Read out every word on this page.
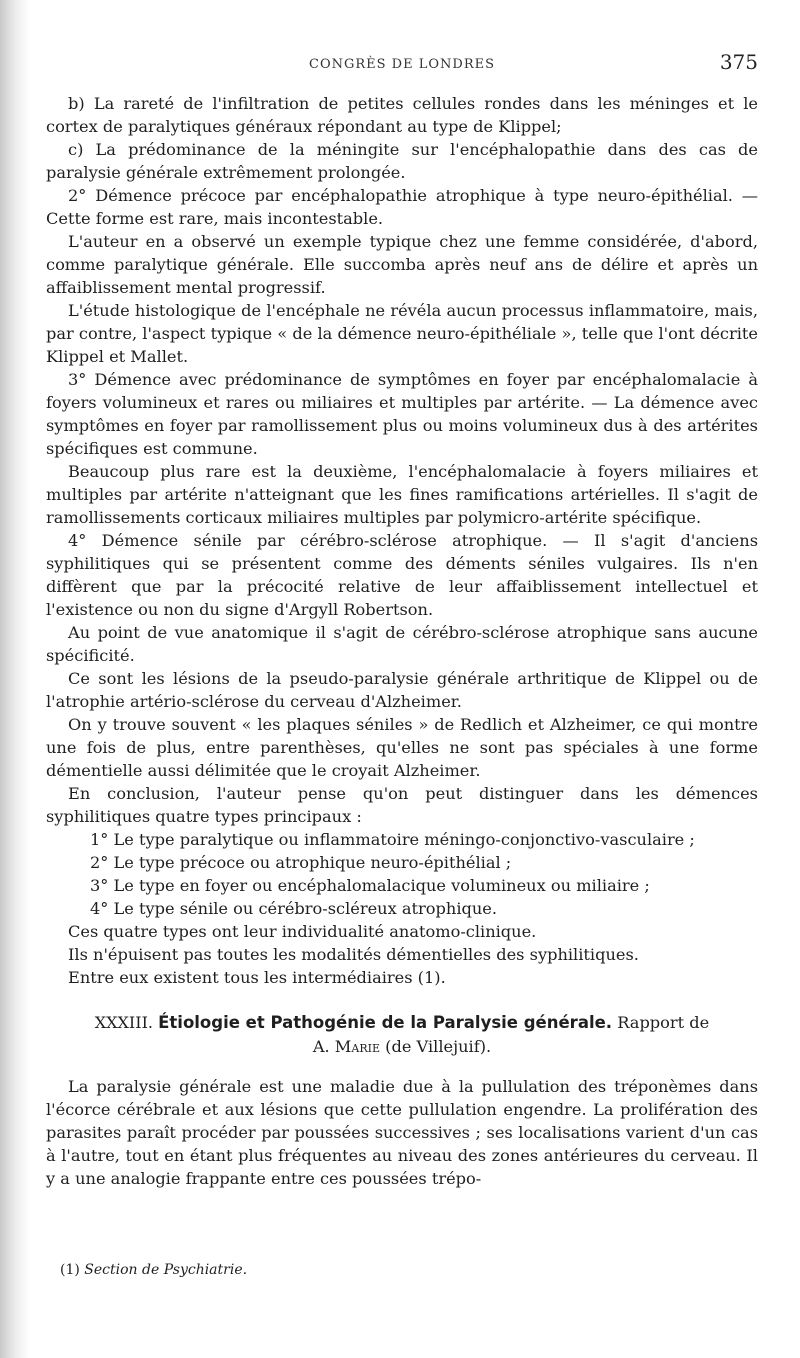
CONGRÈS DE LONDRES	375

b) La rareté de l'infiltration de petites cellules rondes dans les méninges et le cortex de paralytiques généraux répondant au type de Klippel;

c) La prédominance de la méningite sur l'encéphalopathie dans des cas de paralysie générale extrêmement prolongée.

2° Démence précoce par encéphalopathie atrophique à type neuro-épithélial. — Cette forme est rare, mais incontestable.

L'auteur en a observé un exemple typique chez une femme considérée, d'abord, comme paralytique générale. Elle succomba après neuf ans de délire et après un affaiblissement mental progressif.

L'étude histologique de l'encéphale ne révéla aucun processus inflammatoire, mais, par contre, l'aspect typique « de la démence neuro-épithéliale », telle que l'ont décrite Klippel et Mallet.

3° Démence avec prédominance de symptômes en foyer par encéphalomalacie à foyers volumineux et rares ou miliaires et multiples par artérite. — La démence avec symptômes en foyer par ramollissement plus ou moins volumineux dus à des artérites spécifiques est commune.

Beaucoup plus rare est la deuxième, l'encéphalomalacie à foyers miliaires et multiples par artérite n'atteignant que les fines ramifications artérielles. Il s'agit de ramollissements corticaux miliaires multiples par polymicro-artérite spécifique.

4° Démence sénile par cérébro-sclérose atrophique. — Il s'agit d'anciens syphilitiques qui se présentent comme des déments séniles vulgaires. Ils n'en diffèrent que par la précocité relative de leur affaiblissement intellectuel et l'existence ou non du signe d'Argyll Robertson.

Au point de vue anatomique il s'agit de cérébro-sclérose atrophique sans aucune spécificité.

Ce sont les lésions de la pseudo-paralysie générale arthritique de Klippel ou de l'atrophie artério-sclérose du cerveau d'Alzheimer.

On y trouve souvent « les plaques séniles » de Redlich et Alzheimer, ce qui montre une fois de plus, entre parenthèses, qu'elles ne sont pas spéciales à une forme démentielle aussi délimitée que le croyait Alzheimer.

En conclusion, l'auteur pense qu'on peut distinguer dans les démences syphilitiques quatre types principaux :

1° Le type paralytique ou inflammatoire méningo-conjonctivo-vasculaire ;

2° Le type précoce ou atrophique neuro-épithélial ;

3° Le type en foyer ou encéphalomalacique volumineux ou miliaire ;

4° Le type sénile ou cérébro-scléreux atrophique.

Ces quatre types ont leur individualité anatomo-clinique.

Ils n'épuisent pas toutes les modalités démentielles des syphilitiques.

Entre eux existent tous les intermédiaires (1).

XXXIII. Étiologie et Pathogénie de la Paralysie générale. Rapport de
A. Marie (de Villejuif).

La paralysie générale est une maladie due à la pullulation des tréponèmes dans l'écorce cérébrale et aux lésions que cette pullulation engendre. La prolifération des parasites paraît procéder par poussées successives ; ses localisations varient d'un cas à l'autre, tout en étant plus fréquentes au niveau des zones antérieures du cerveau. Il y a une analogie frappante entre ces poussées trépo-

(1) Section de Psychiatrie.
